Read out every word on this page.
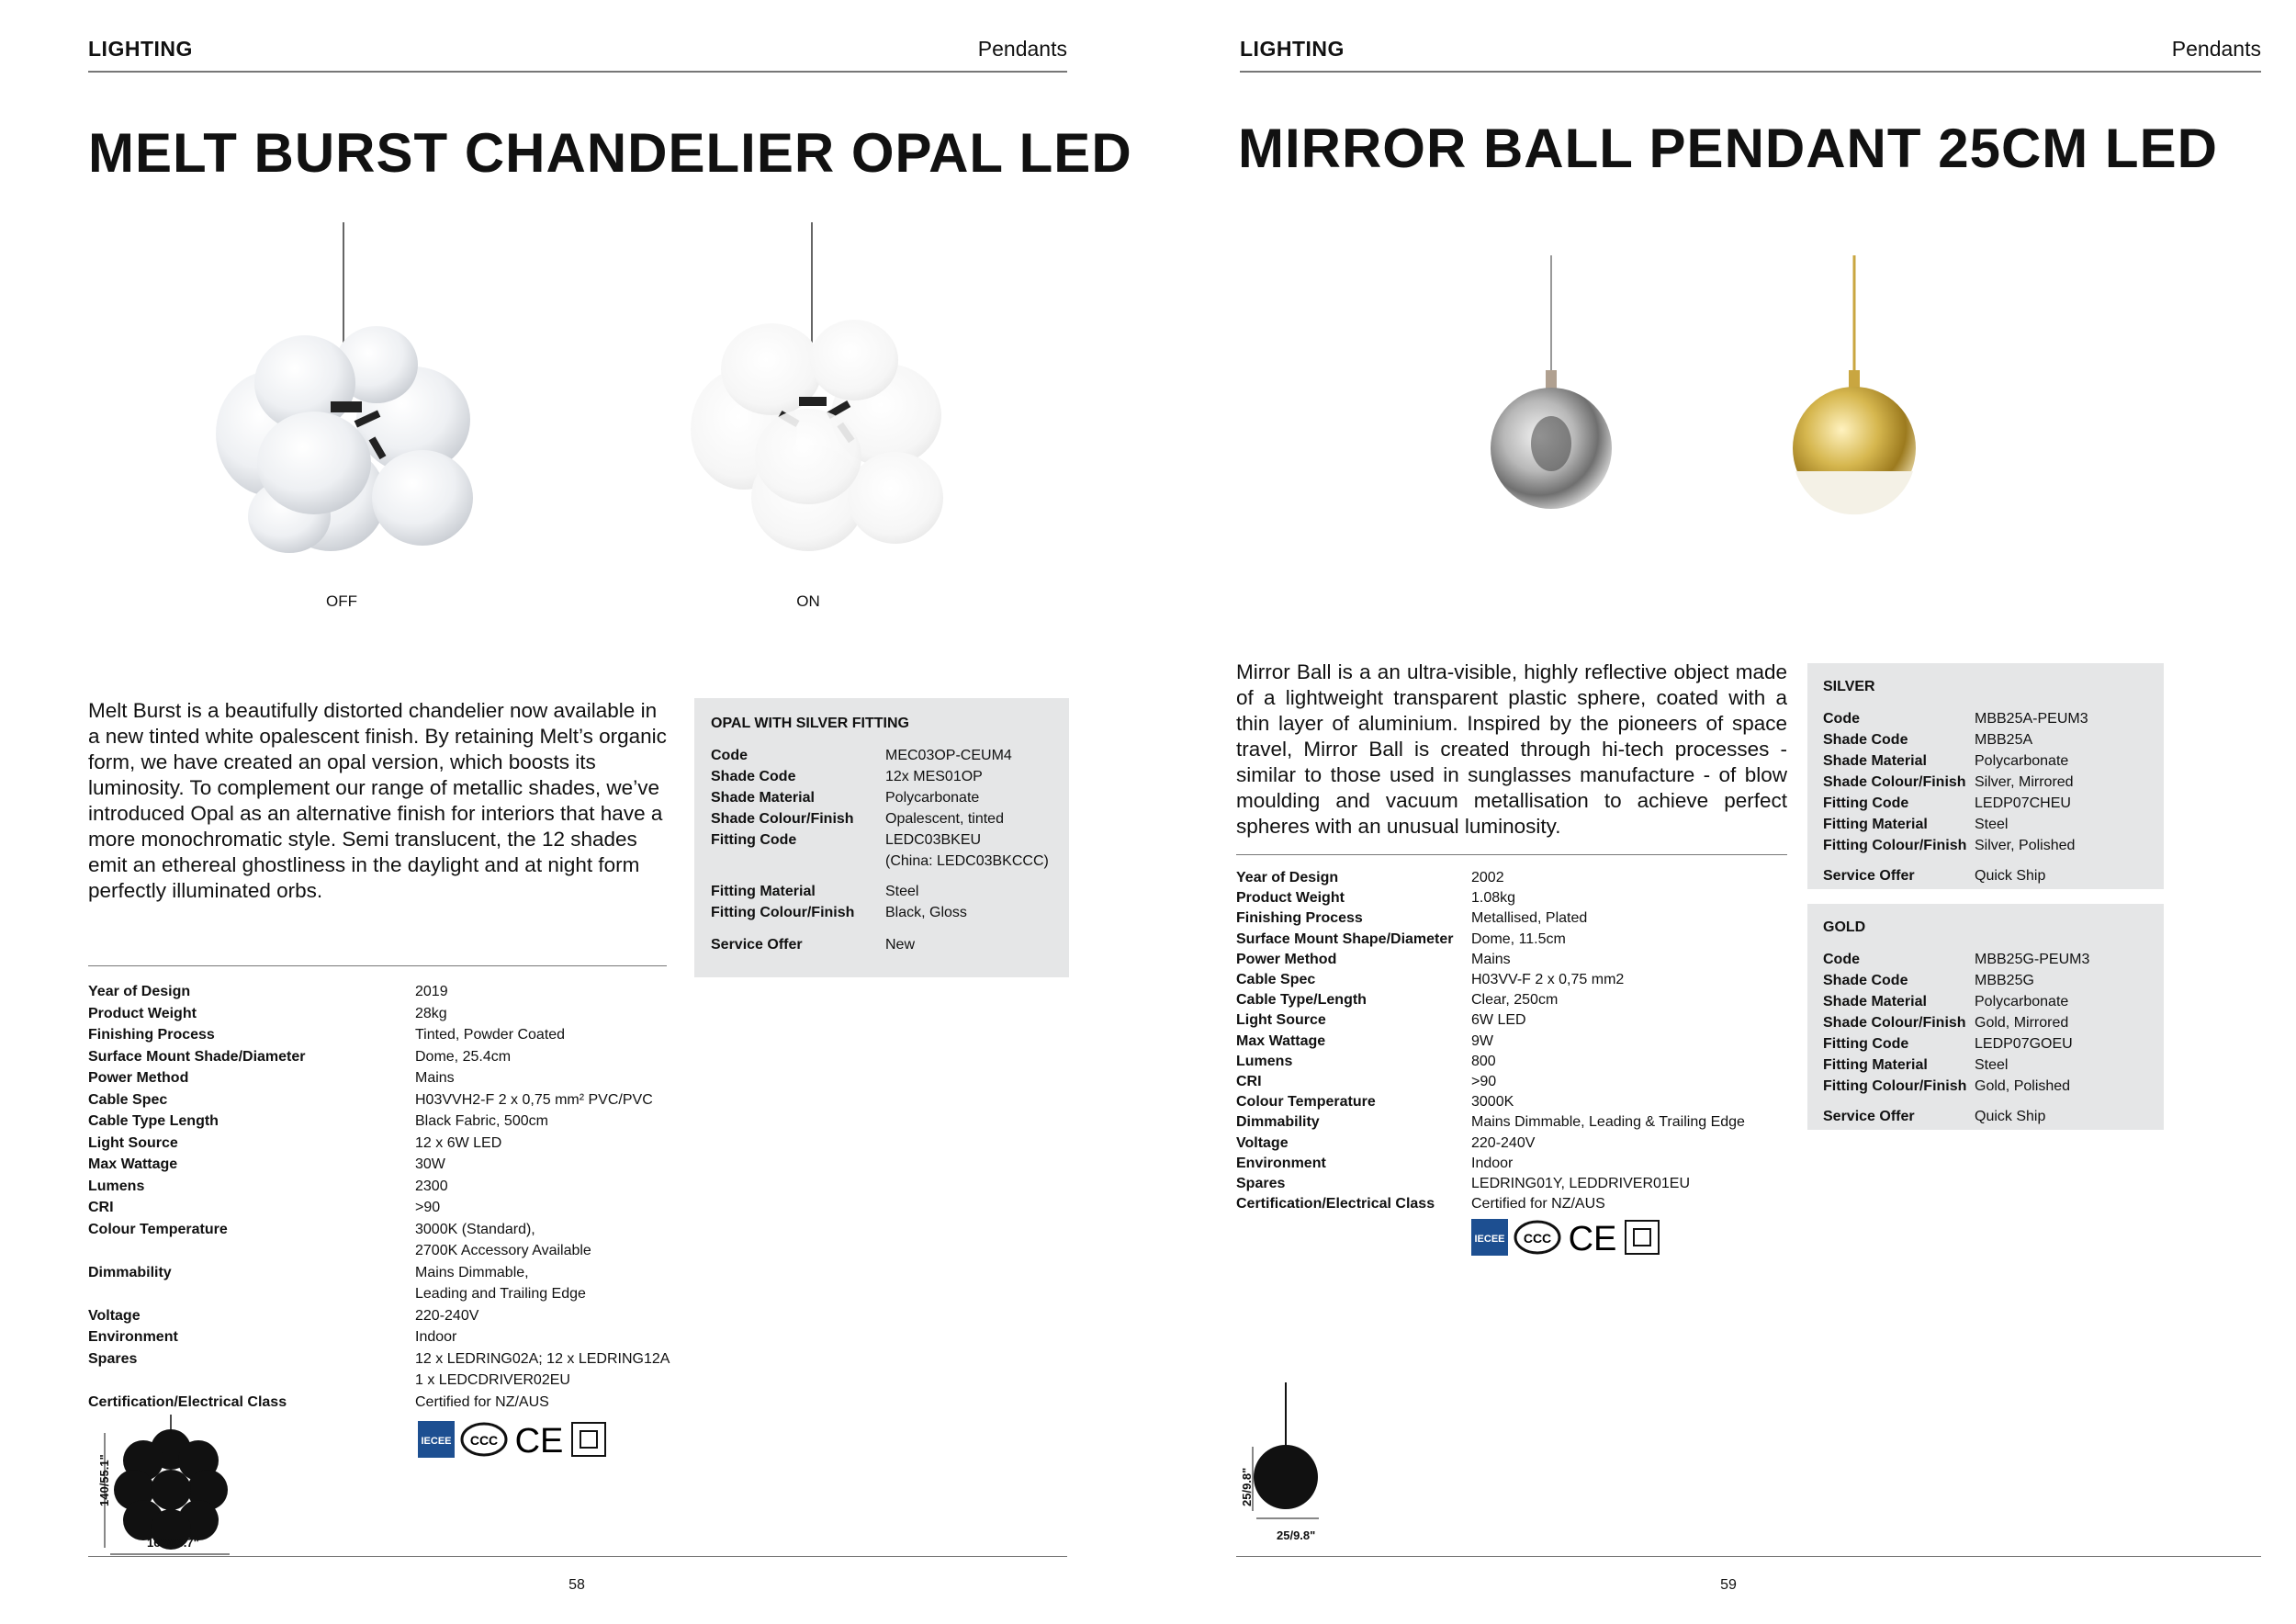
LIGHTING	Pendants
MELT BURST CHANDELIER OPAL LED
OFF	ON
Melt Burst is a beautifully distorted chandelier now available in a new tinted white opalescent finish. By retaining Melt’s organic form, we have created an opal version, which boosts its luminosity. To complement our range of metallic shades, we’ve introduced Opal as an alternative finish for interiors that have a more monochromatic style. Semi translucent, the 12 shades emit an ethereal ghostliness in the daylight and at night form perfectly illuminated orbs.
Year of Design	2019
Product Weight	28kg
Finishing Process	Tinted, Powder Coated
Surface Mount Shade/Diameter	Dome, 25.4cm
Power Method	Mains
Cable Spec	H03VVH2-F 2 x 0,75 mm² PVC/PVC
Cable Type Length	Black Fabric, 500cm
Light Source	12 x 6W LED
Max Wattage	30W
Lumens	2300
CRI	>90
Colour Temperature	3000K (Standard),
2700K Accessory Available
Dimmability	Mains Dimmable,
Leading and Trailing Edge
Voltage	220-240V
Environment	Indoor
Spares	12 x LEDRING02A; 12 x LEDRING12A
1 x LEDCDRIVER02EU
Certification/Electrical Class	Certified for NZ/AUS
IECEE CCC CE
OPAL WITH SILVER FITTING
Code	MEC03OP-CEUM4
Shade Code	12x MES01OP
Shade Material	Polycarbonate
Shade Colour/Finish	Opalescent, tinted
Fitting Code	LEDC03BKEU
(China: LEDC03BKCCC)
Fitting Material	Steel
Fitting Colour/Finish	Black, Gloss
Service Offer	New
140/55.1"
162/63.7"
58
LIGHTING	Pendants
MIRROR BALL PENDANT 25CM LED
Mirror Ball is a an ultra-visible, highly reflective object made of a lightweight transparent plastic sphere, coated with a thin layer of aluminium. Inspired by the pioneers of space travel, Mirror Ball is created through hi-tech processes - similar to those used in sunglasses manufacture - of blow moulding and vacuum metallisation to achieve perfect spheres with an unusual luminosity.
Year of Design	2002
Product Weight	1.08kg
Finishing Process	Metallised, Plated
Surface Mount Shape/Diameter	Dome, 11.5cm
Power Method	Mains
Cable Spec	H03VV-F 2 x 0,75 mm2
Cable Type/Length	Clear, 250cm
Light Source	6W LED
Max Wattage	9W
Lumens	800
CRI	>90
Colour Temperature	3000K
Dimmability	Mains Dimmable, Leading & Trailing Edge
Voltage	220-240V
Environment	Indoor
Spares	LEDRING01Y, LEDDRIVER01EU
Certification/Electrical Class	Certified for NZ/AUS
IECEE CCC CE
SILVER
Code	MBB25A-PEUM3
Shade Code	MBB25A
Shade Material	Polycarbonate
Shade Colour/Finish Silver, Mirrored
Fitting Code	LEDP07CHEU
Fitting Material	Steel
Fitting Colour/Finish Silver, Polished
Service Offer	Quick Ship
GOLD
Code	MBB25G-PEUM3
Shade Code	MBB25G
Shade Material	Polycarbonate
Shade Colour/Finish Gold, Mirrored
Fitting Code	LEDP07GOEU
Fitting Material	Steel
Fitting Colour/Finish Gold, Polished
Service Offer	Quick Ship
25/9.8"
25/9.8"
59
